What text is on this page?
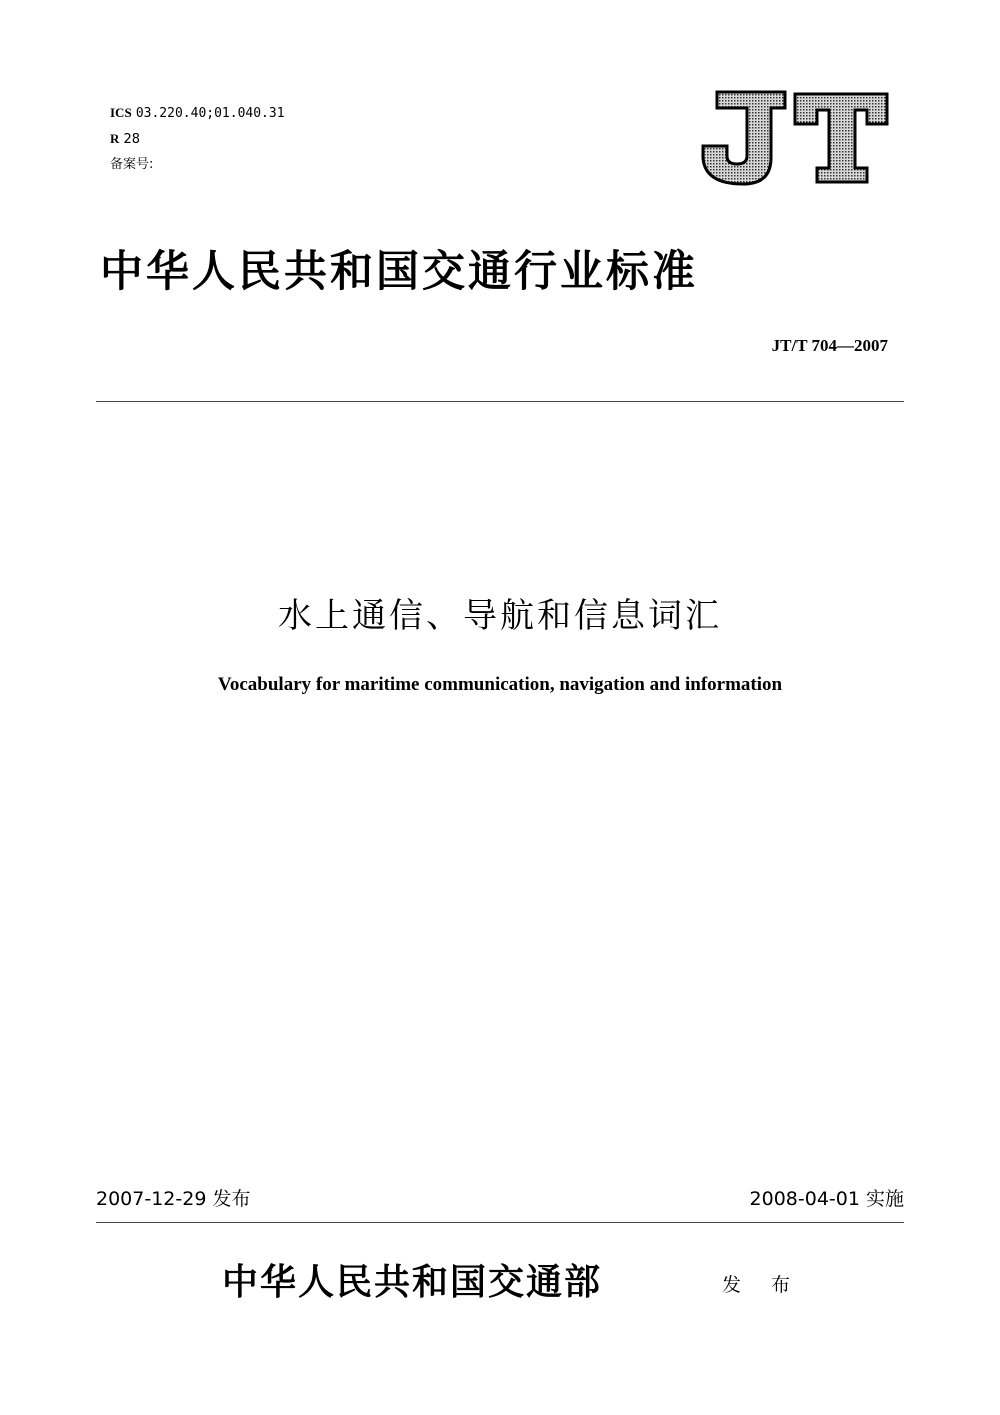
ICS 03.220.40;01.040.31
R 28
备案号:
中华人民共和国交通行业标准
JT/T 704—2007
水上通信、导航和信息词汇
Vocabulary for maritime communication, navigation and information
2007-12-29 发布	2008-04-01 实施
中华人民共和国交通部	发 布
